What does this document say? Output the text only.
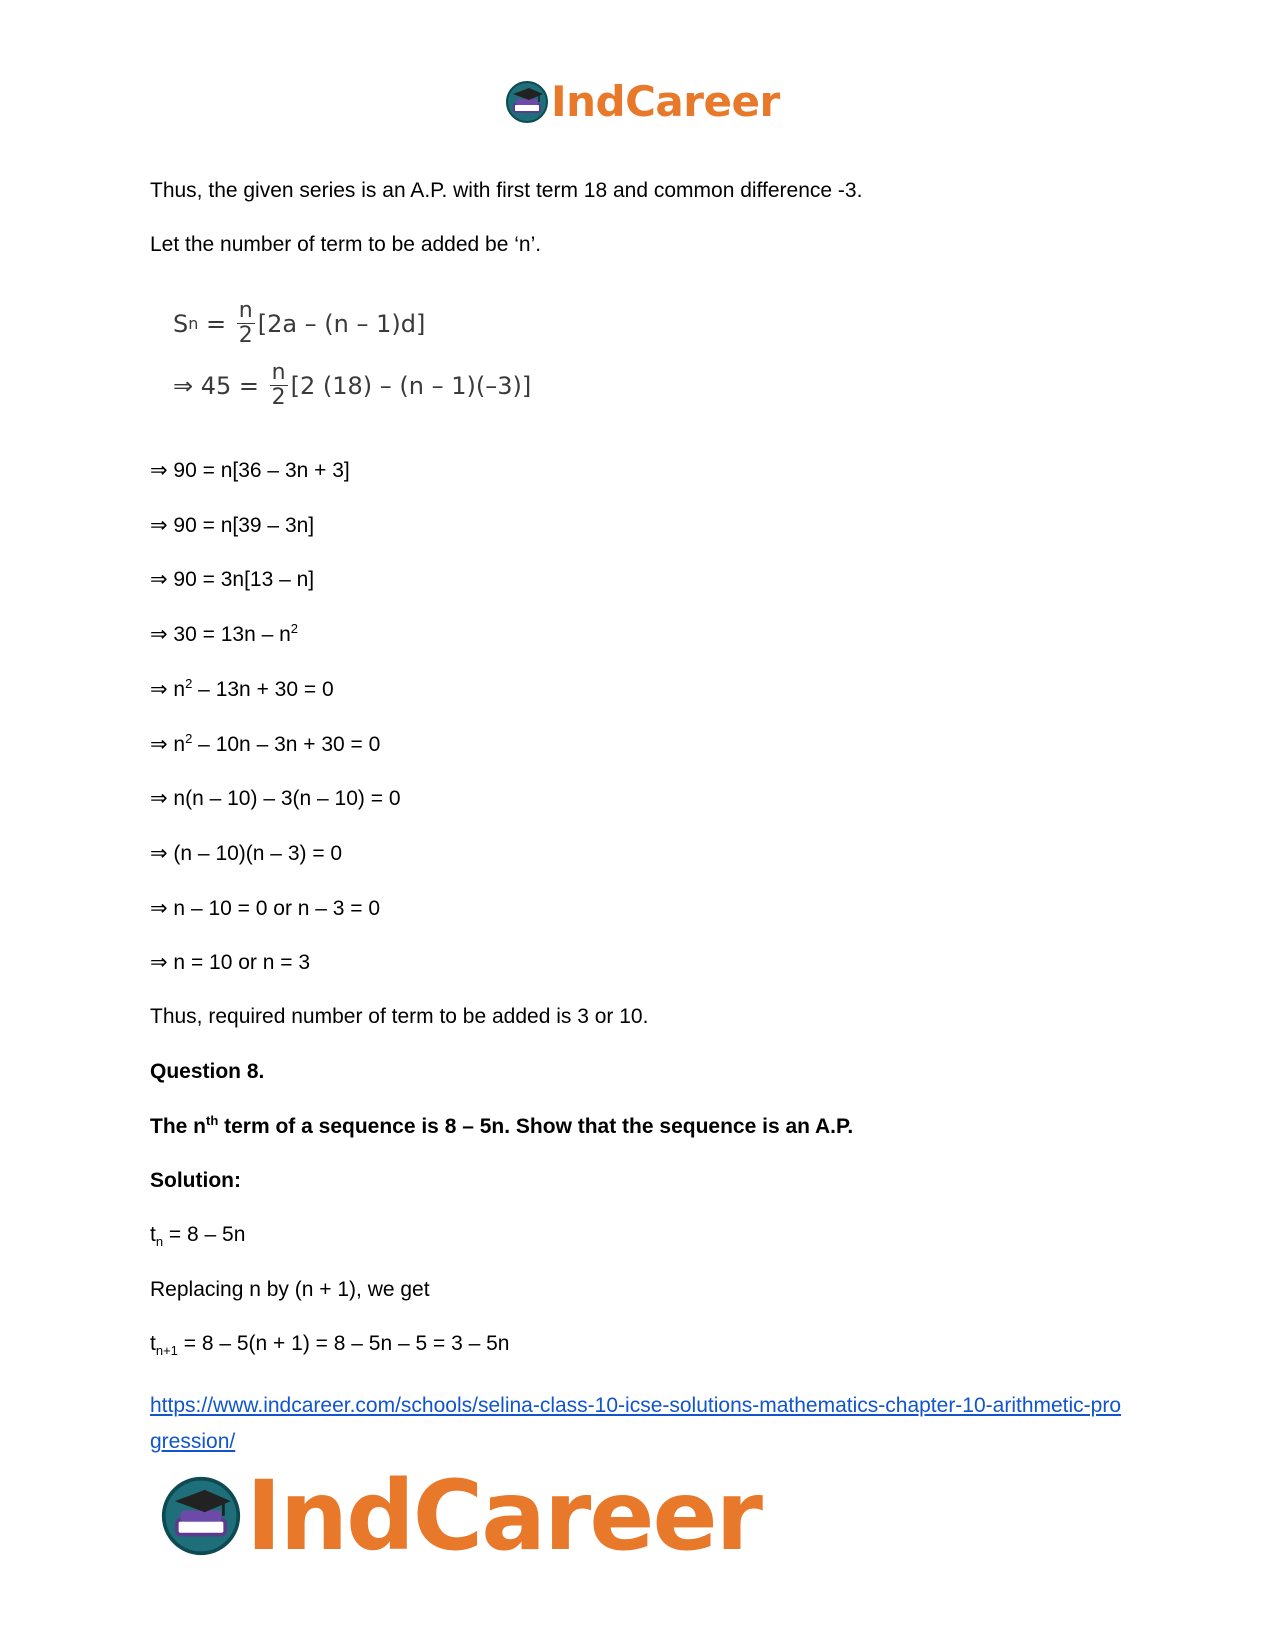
IndCareer
Thus, the given series is an A.P. with first term 18 and common difference -3.
Let the number of term to be added be ‘n’.
S $n = \frac{n}{2} [2a - (n - 1)d]$
⇒ $45 = \frac{n}{2} [2$ (18) – (n – 1)(–3)]
⇒ 90 = n[36 – 3n + 3]
⇒ 90 = n[39 – 3n]
⇒ 90 = 3n[13 – n]
⇒ $30 = 13n - n^2$
⇒ $n^2 - 13n + 30 = 0$
⇒ $n^2 - 10n - 3n + 30 = 0$
⇒ n(n – 10) – 3(n – 10) = 0
⇒ (n – 10)(n – 3) = 0
⇒ n – 10 = 0 or n – 3 = 0
⇒ n = 10 or n = 3
Thus, required number of term to be added is 3 or 10.
Question 8.
The $n^{th}$ term of a sequence is 8 – 5n. Show that the sequence is an A.P.
Solution:
$t_n = 8 - 5n$
Replacing n by (n + 1), we get
$t_{n+1} = 8 - 5(n + 1) = 8 - 5n - 5 = 3 - 5n$
https://www.indcareer.com/schools/selina-class-10-icse-solutions-mathematics-chapter-10-arithmetic-progression/
IndCareer
